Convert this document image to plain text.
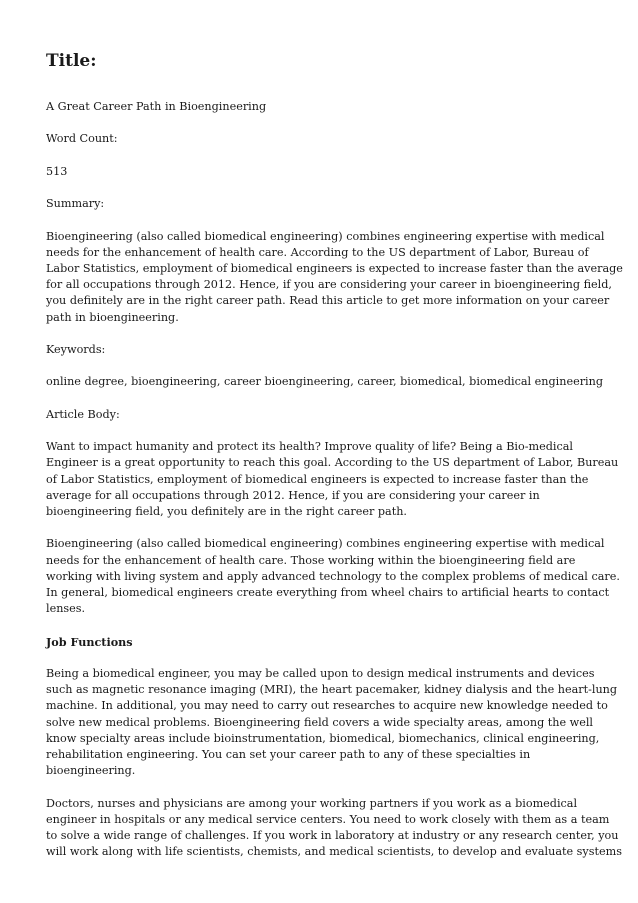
Title:

A Great Career Path in Bioengineering

Word Count:

513

Summary:

Bioengineering (also called biomedical engineering) combines engineering expertise with medical
needs for the enhancement of health care. According to the US department of Labor, Bureau of
Labor Statistics, employment of biomedical engineers is expected to increase faster than the average
for all occupations through 2012. Hence, if you are considering your career in bioengineering field,
you definitely are in the right career path. Read this article to get more information on your career
path in bioengineering.

Keywords:

online degree, bioengineering, career bioengineering, career, biomedical, biomedical engineering

Article Body:

Want to impact humanity and protect its health? Improve quality of life? Being a Bio-medical
Engineer is a great opportunity to reach this goal. According to the US department of Labor, Bureau
of Labor Statistics, employment of biomedical engineers is expected to increase faster than the
average for all occupations through 2012. Hence, if you are considering your career in
bioengineering field, you definitely are in the right career path.

Bioengineering (also called biomedical engineering) combines engineering expertise with medical
needs for the enhancement of health care. Those working within the bioengineering field are
working with living system and apply advanced technology to the complex problems of medical care.
In general, biomedical engineers create everything from wheel chairs to artificial hearts to contact
lenses.

Job Functions

Being a biomedical engineer, you may be called upon to design medical instruments and devices
such as magnetic resonance imaging (MRI), the heart pacemaker, kidney dialysis and the heart-lung
machine. In additional, you may need to carry out researches to acquire new knowledge needed to
solve new medical problems. Bioengineering field covers a wide specialty areas, among the well
know specialty areas include bioinstrumentation, biomedical, biomechanics, clinical engineering,
rehabilitation engineering. You can set your career path to any of these specialties in
bioengineering.

Doctors, nurses and physicians are among your working partners if you work as a biomedical
engineer in hospitals or any medical service centers. You need to work closely with them as a team
to solve a wide range of challenges. If you work in laboratory at industry or any research center, you
will work along with life scientists, chemists, and medical scientists, to develop and evaluate systems
